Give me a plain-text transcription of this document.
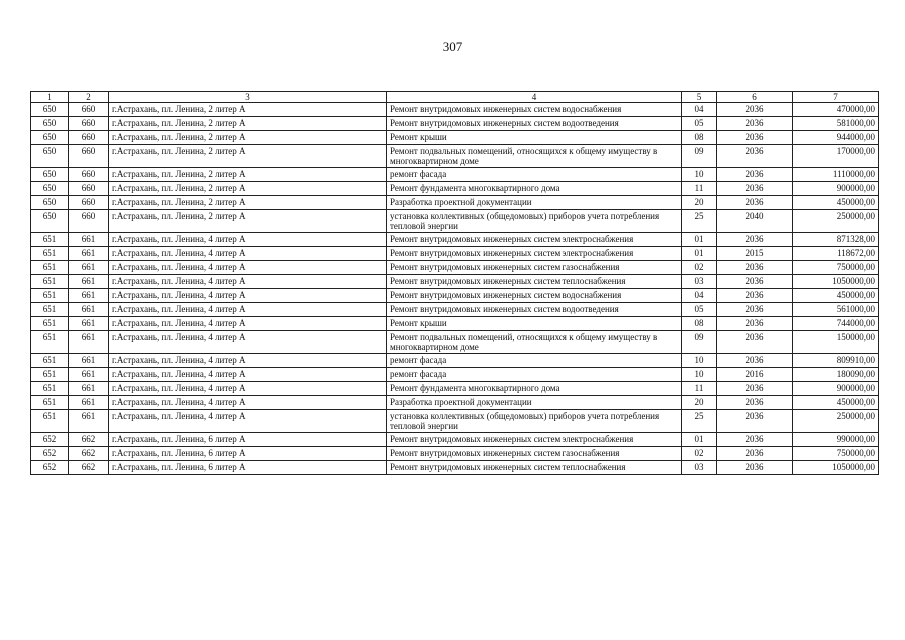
307
1	2	3	4	5	6	7
650	660	г.Астрахань, пл. Ленина, 2 литер А	Ремонт внутридомовых инженерных систем водоснабжения	04	2036	470000,00
650	660	г.Астрахань, пл. Ленина, 2 литер А	Ремонт внутридомовых инженерных систем водоотведения	05	2036	581000,00
650	660	г.Астрахань, пл. Ленина, 2 литер А	Ремонт крыши	08	2036	944000,00
650	660	г.Астрахань, пл. Ленина, 2 литер А	Ремонт подвальных помещений, относящихся к общему имуществу в многоквартирном доме	09	2036	170000,00
650	660	г.Астрахань, пл. Ленина, 2 литер А	ремонт фасада	10	2036	1110000,00
650	660	г.Астрахань, пл. Ленина, 2 литер А	Ремонт фундамента многоквартирного дома	11	2036	900000,00
650	660	г.Астрахань, пл. Ленина, 2 литер А	Разработка проектной документации	20	2036	450000,00
650	660	г.Астрахань, пл. Ленина, 2 литер А	установка коллективных (общедомовых) приборов учета потребления тепловой энергии	25	2040	250000,00
651	661	г.Астрахань, пл. Ленина, 4 литер А	Ремонт внутридомовых инженерных систем электроснабжения	01	2036	871328,00
651	661	г.Астрахань, пл. Ленина, 4 литер А	Ремонт внутридомовых инженерных систем электроснабжения	01	2015	118672,00
651	661	г.Астрахань, пл. Ленина, 4 литер А	Ремонт внутридомовых инженерных систем газоснабжения	02	2036	750000,00
651	661	г.Астрахань, пл. Ленина, 4 литер А	Ремонт внутридомовых инженерных систем теплоснабжения	03	2036	1050000,00
651	661	г.Астрахань, пл. Ленина, 4 литер А	Ремонт внутридомовых инженерных систем водоснабжения	04	2036	450000,00
651	661	г.Астрахань, пл. Ленина, 4 литер А	Ремонт внутридомовых инженерных систем водоотведения	05	2036	561000,00
651	661	г.Астрахань, пл. Ленина, 4 литер А	Ремонт крыши	08	2036	744000,00
651	661	г.Астрахань, пл. Ленина, 4 литер А	Ремонт подвальных помещений, относящихся к общему имуществу в многоквартирном доме	09	2036	150000,00
651	661	г.Астрахань, пл. Ленина, 4 литер А	ремонт фасада	10	2036	809910,00
651	661	г.Астрахань, пл. Ленина, 4 литер А	ремонт фасада	10	2016	180090,00
651	661	г.Астрахань, пл. Ленина, 4 литер А	Ремонт фундамента многоквартирного дома	11	2036	900000,00
651	661	г.Астрахань, пл. Ленина, 4 литер А	Разработка проектной документации	20	2036	450000,00
651	661	г.Астрахань, пл. Ленина, 4 литер А	установка коллективных (общедомовых) приборов учета потребления тепловой энергии	25	2036	250000,00
652	662	г.Астрахань, пл. Ленина, 6 литер А	Ремонт внутридомовых инженерных систем электроснабжения	01	2036	990000,00
652	662	г.Астрахань, пл. Ленина, 6 литер А	Ремонт внутридомовых инженерных систем газоснабжения	02	2036	750000,00
652	662	г.Астрахань, пл. Ленина, 6 литер А	Ремонт внутридомовых инженерных систем теплоснабжения	03	2036	1050000,00
